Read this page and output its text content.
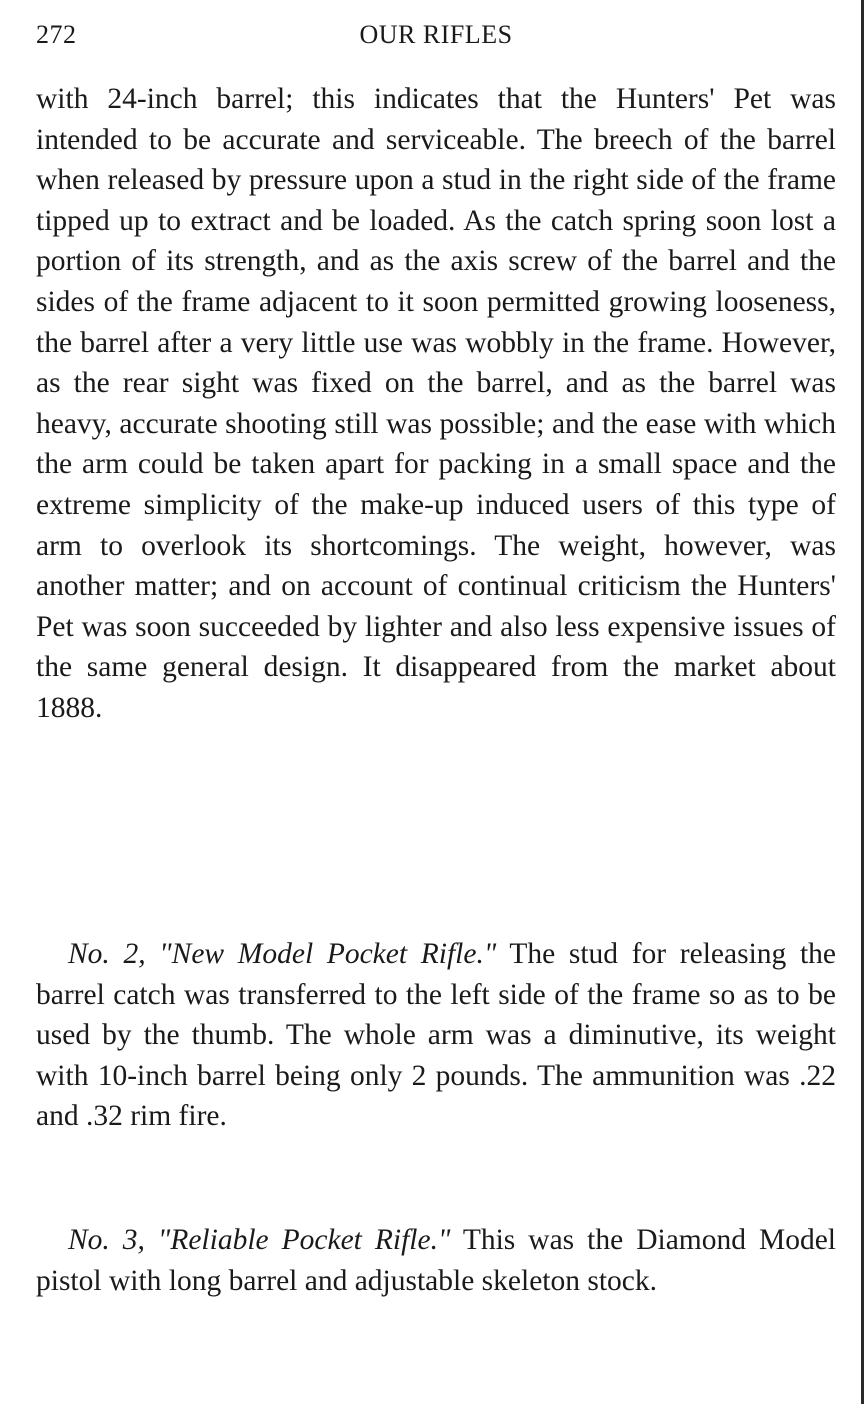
272	OUR RIFLES

with 24-inch barrel; this indicates that the Hunters' Pet was intended to be accurate and serviceable. The breech of the barrel when released by pressure upon a stud in the right side of the frame tipped up to extract and be loaded. As the catch spring soon lost a portion of its strength, and as the axis screw of the barrel and the sides of the frame adjacent to it soon permitted growing looseness, the barrel after a very little use was wobbly in the frame. However, as the rear sight was fixed on the barrel, and as the barrel was heavy, accurate shooting still was possible; and the ease with which the arm could be taken apart for packing in a small space and the extreme simplicity of the make-up induced users of this type of arm to overlook its shortcomings. The weight, however, was another matter; and on account of continual criticism the Hunters' Pet was soon succeeded by lighter and also less expensive issues of the same general design. It disappeared from the market about 1888.

No. 2, "New Model Pocket Rifle." The stud for releasing the barrel catch was transferred to the left side of the frame so as to be used by the thumb. The whole arm was a diminutive, its weight with 10-inch barrel being only 2 pounds. The ammunition was .22 and .32 rim fire.

No. 3, "Reliable Pocket Rifle." This was the Diamond Model pistol with long barrel and adjustable skeleton stock.
